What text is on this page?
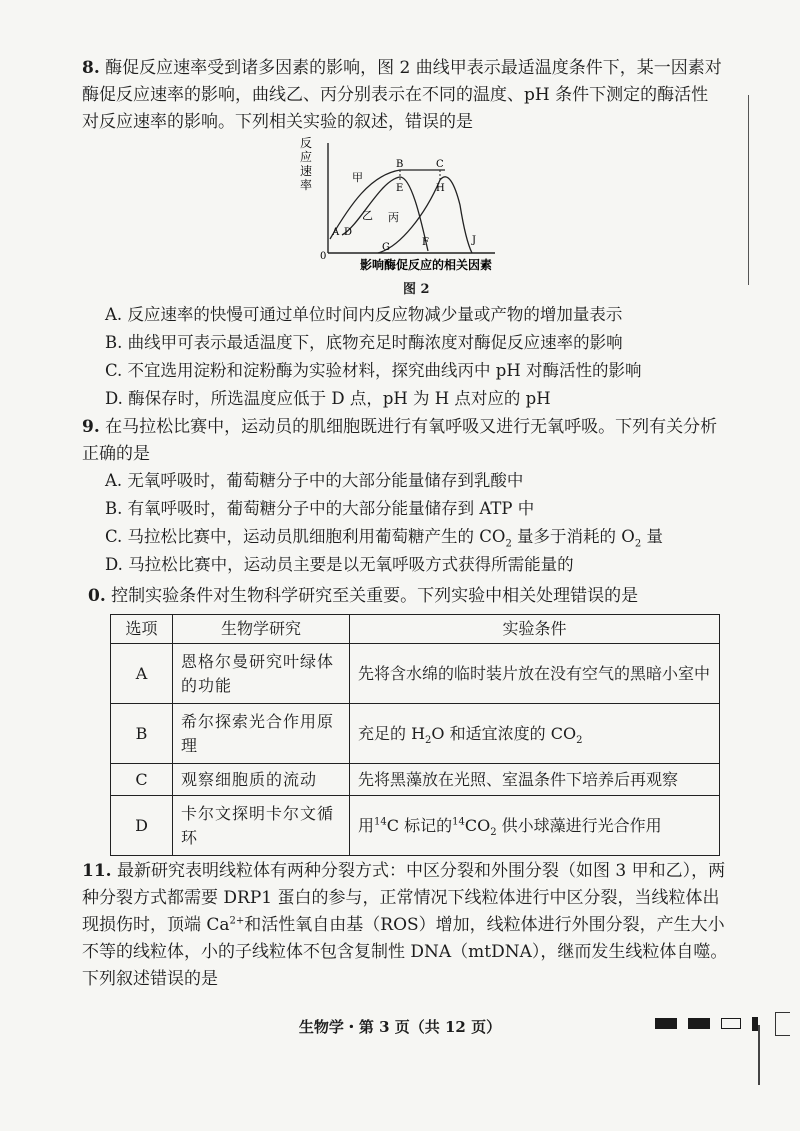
8. 酶促反应速率受到诸多因素的影响，图 2 曲线甲表示最适温度条件下，某一因素对酶促反应速率的影响，曲线乙、丙分别表示在不同的温度、pH 条件下测定的酶活性对反应速率的影响。下列相关实验的叙述，错误的是
反
应
速
率
0
影响酶促反应的相关因素
甲
乙 丙
A
B	C
D
E
F
G
H
J
图 2
A. 反应速率的快慢可通过单位时间内反应物减少量或产物的增加量表示
B. 曲线甲可表示最适温度下，底物充足时酶浓度对酶促反应速率的影响
C. 不宜选用淀粉和淀粉酶为实验材料，探究曲线丙中 pH 对酶活性的影响
D. 酶保存时，所选温度应低于 D 点，pH 为 H 点对应的 pH
9. 在马拉松比赛中，运动员的肌细胞既进行有氧呼吸又进行无氧呼吸。下列有关分析正确的是
A. 无氧呼吸时，葡萄糖分子中的大部分能量储存到乳酸中
B. 有氧呼吸时，葡萄糖分子中的大部分能量储存到 ATP 中
C. 马拉松比赛中，运动员肌细胞利用葡萄糖产生的 $CO_2$ 量多于消耗的 $O_2$ 量
D. 马拉松比赛中，运动员主要是以无氧呼吸方式获得所需能量的
0. 控制实验条件对生物科学研究至关重要。下列实验中相关处理错误的是
选项	生物学研究	实验条件
A	恩格尔曼研究叶绿体的功能	先将含水绵的临时装片放在没有空气的黑暗小室中
B	希尔探索光合作用原理	充足的 $H_2O$ 和适宜浓度的 $CO_2$
C	观察细胞质的流动	先将黑藻放在光照、室温条件下培养后再观察
D	卡尔文探明卡尔文循环	用$^{14}$C 标记的$^{14}CO_2$ 供小球藻进行光合作用
11. 最新研究表明线粒体有两种分裂方式：中区分裂和外围分裂（如图 3 甲和乙），两种分裂方式都需要 DRP1 蛋白的参与，正常情况下线粒体进行中区分裂，当线粒体出现损伤时，顶端 $Ca^{2+}$和活性氧自由基（ROS）增加，线粒体进行外围分裂，产生大小不等的线粒体，小的子线粒体不包含复制性 DNA（mtDNA），继而发生线粒体自噬。下列叙述错误的是
生物学・第 3 页（共 12 页）
